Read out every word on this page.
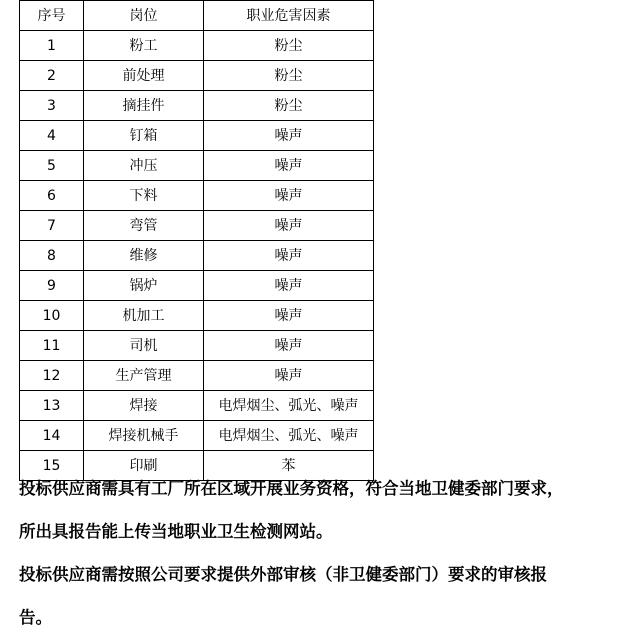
序号	岗位	职业危害因素
1	粉工	粉尘
2	前处理	粉尘
3	摘挂件	粉尘
4	钉箱	噪声
5	冲压	噪声
6	下料	噪声
7	弯管	噪声
8	维修	噪声
9	锅炉	噪声
10	机加工	噪声
11	司机	噪声
12	生产管理	噪声
13	焊接	电焊烟尘、弧光、噪声
14	焊接机械手	电焊烟尘、弧光、噪声
15	印刷	苯

投标供应商需具有工厂所在区域开展业务资格，符合当地卫健委部门要求，

所出具报告能上传当地职业卫生检测网站。

投标供应商需按照公司要求提供外部审核（非卫健委部门）要求的审核报

告。
